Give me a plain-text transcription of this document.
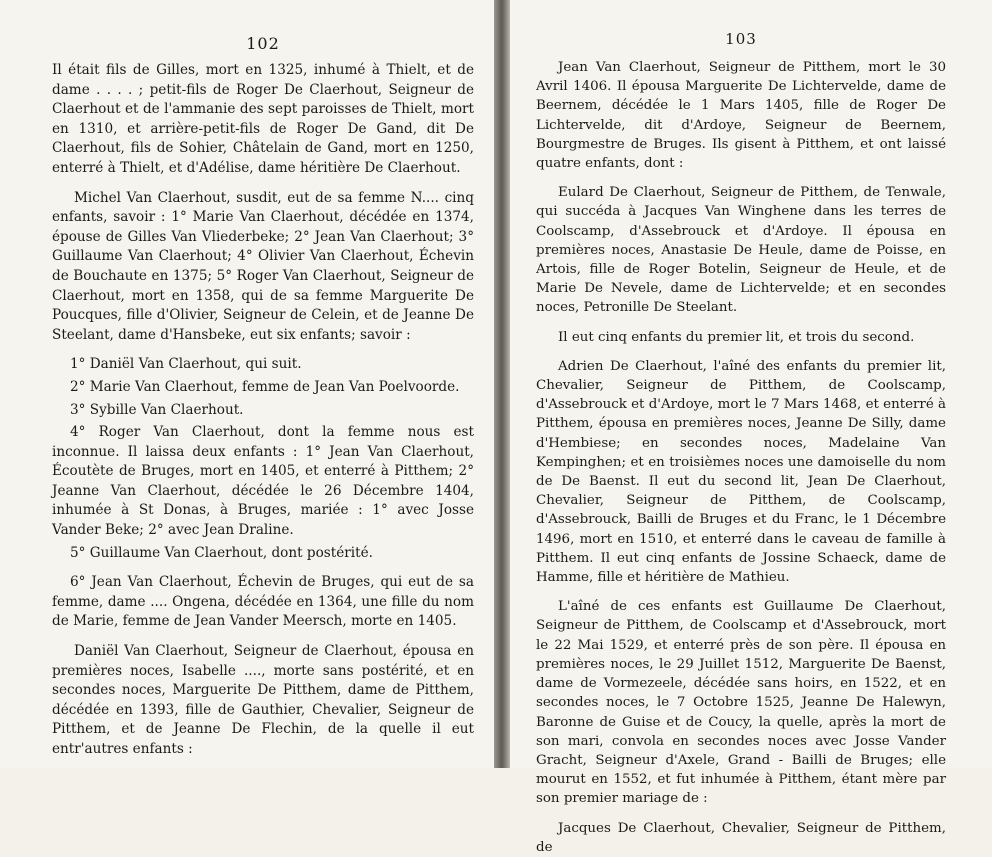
102

Il était fils de Gilles, mort en 1325, inhumé à Thielt, et de dame . . . . ; petit-fils de Roger De Claerhout, Seigneur de Claerhout et de l'ammanie des sept paroisses de Thielt, mort en 1310, et arrière-petit-fils de Roger De Gand, dit De Claerhout, fils de Sohier, Châtelain de Gand, mort en 1250, enterré à Thielt, et d'Adélise, dame héritière De Claerhout.

Michel Van Claerhout, susdit, eut de sa femme N.... cinq enfants, savoir : 1° Marie Van Claerhout, décédée en 1374, épouse de Gilles Van Vliederbeke; 2° Jean Van Claerhout; 3° Guillaume Van Claerhout; 4° Olivier Van Claerhout, Échevin de Bouchaute en 1375; 5° Roger Van Claerhout, Seigneur de Claerhout, mort en 1358, qui de sa femme Marguerite De Poucques, fille d'Olivier, Seigneur de Celein, et de Jeanne De Steelant, dame d'Hansbeke, eut six enfants; savoir :

1° Daniël Van Claerhout, qui suit.

2° Marie Van Claerhout, femme de Jean Van Poelvoorde.

3° Sybille Van Claerhout.

4° Roger Van Claerhout, dont la femme nous est inconnue. Il laissa deux enfants : 1° Jean Van Claerhout, Écoutète de Bruges, mort en 1405, et enterré à Pitthem; 2° Jeanne Van Claerhout, décédée le 26 Décembre 1404, inhumée à St Donas, à Bruges, mariée : 1° avec Josse Vander Beke; 2° avec Jean Draline.

5° Guillaume Van Claerhout, dont postérité.

6° Jean Van Claerhout, Échevin de Bruges, qui eut de sa femme, dame .... Ongena, décédée en 1364, une fille du nom de Marie, femme de Jean Vander Meersch, morte en 1405.

Daniël Van Claerhout, Seigneur de Claerhout, épousa en premières noces, Isabelle ...., morte sans postérité, et en secondes noces, Marguerite De Pitthem, dame de Pitthem, décédée en 1393, fille de Gauthier, Chevalier, Seigneur de Pitthem, et de Jeanne De Flechin, de la quelle il eut entr'autres enfants :

103

Jean Van Claerhout, Seigneur de Pitthem, mort le 30 Avril 1406. Il épousa Marguerite De Lichtervelde, dame de Beernem, décédée le 1 Mars 1405, fille de Roger De Lichtervelde, dit d'Ardoye, Seigneur de Beernem, Bourgmestre de Bruges. Ils gisent à Pitthem, et ont laissé quatre enfants, dont :

Eulard De Claerhout, Seigneur de Pitthem, de Tenwale, qui succéda à Jacques Van Winghene dans les terres de Coolscamp, d'Assebrouck et d'Ardoye. Il épousa en premières noces, Anastasie De Heule, dame de Poisse, en Artois, fille de Roger Botelin, Seigneur de Heule, et de Marie De Nevele, dame de Lichtervelde; et en secondes noces, Petronille De Steelant.

Il eut cinq enfants du premier lit, et trois du second.

Adrien De Claerhout, l'aîné des enfants du premier lit, Chevalier, Seigneur de Pitthem, de Coolscamp, d'Assebrouck et d'Ardoye, mort le 7 Mars 1468, et enterré à Pitthem, épousa en premières noces, Jeanne De Silly, dame d'Hembiese; en secondes noces, Madelaine Van Kempinghen; et en troisièmes noces une damoiselle du nom de De Baenst. Il eut du second lit, Jean De Claerhout, Chevalier, Seigneur de Pitthem, de Coolscamp, d'Assebrouck, Bailli de Bruges et du Franc, le 1 Décembre 1496, mort en 1510, et enterré dans le caveau de famille à Pitthem. Il eut cinq enfants de Jossine Schaeck, dame de Hamme, fille et héritière de Mathieu.

L'aîné de ces enfants est Guillaume De Claerhout, Seigneur de Pitthem, de Coolscamp et d'Assebrouck, mort le 22 Mai 1529, et enterré près de son père. Il épousa en premières noces, le 29 Juillet 1512, Marguerite De Baenst, dame de Vormezeele, décédée sans hoirs, en 1522, et en secondes noces, le 7 Octobre 1525, Jeanne De Halewyn, Baronne de Guise et de Coucy, la quelle, après la mort de son mari, convola en secondes noces avec Josse Vander Gracht, Seigneur d'Axele, Grand - Bailli de Bruges; elle mourut en 1552, et fut inhumée à Pitthem, étant mère par son premier mariage de :

Jacques De Claerhout, Chevalier, Seigneur de Pitthem, de
